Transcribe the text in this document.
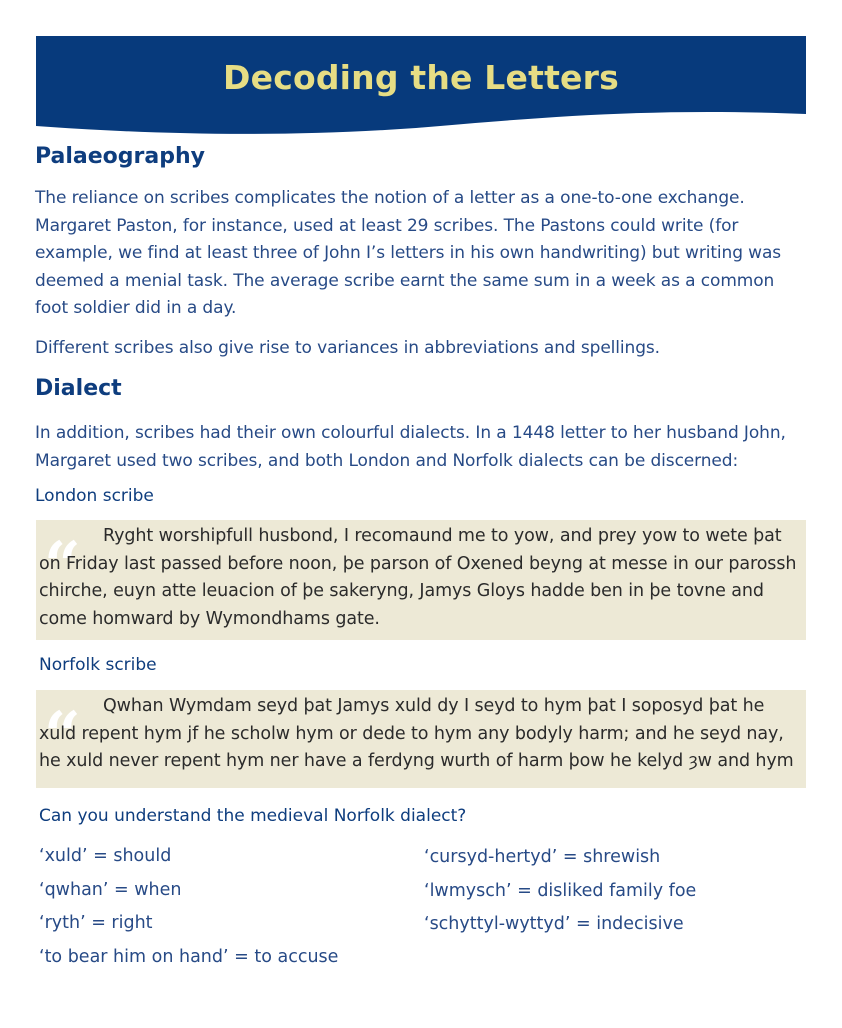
Decoding the Letters
Palaeography

The reliance on scribes complicates the notion of a letter as a one-to-one exchange. Margaret Paston, for instance, used at least 29 scribes. The Pastons could write (for example, we find at least three of John I’s letters in his own handwriting) but writing was deemed a menial task. The average scribe earnt the same sum in a week as a common foot soldier did in a day.

Different scribes also give rise to variances in abbreviations and spellings.

Dialect

In addition, scribes had their own colourful dialects. In a 1448 letter to her husband John, Margaret used two scribes, and both London and Norfolk dialects can be discerned:

London scribe
“	Ryght worshipfull husbond, I recomaund me to yow, and prey yow to wete þat on Friday last passed before noon, þe parson of Oxened beyng at messe in our parossh chirche, euyn atte leuacion of þe sakeryng, Jamys Gloys hadde ben in þe tovne and come homward by Wymondhams gate.

Norfolk scribe
“	Qwhan Wymdam seyd þat Jamys xuld dy I seyd to hym þat I soposyd þat he xuld repent hym jf he scholw hym or dede to hym any bodyly harm; and he seyd nay, he xuld never repent hym ner have a ferdyng wurth of harm þow he kelyd ȝw and hym

Can you understand the medieval Norfolk dialect?
‘xuld’ = should
‘qwhan’ = when
‘ryth’ = right
‘to bear him on hand’ = to accuse
‘cursyd-hertyd’ = shrewish
‘lwmysch’ = disliked family foe
‘schyttyl-wyttyd’ = indecisive
